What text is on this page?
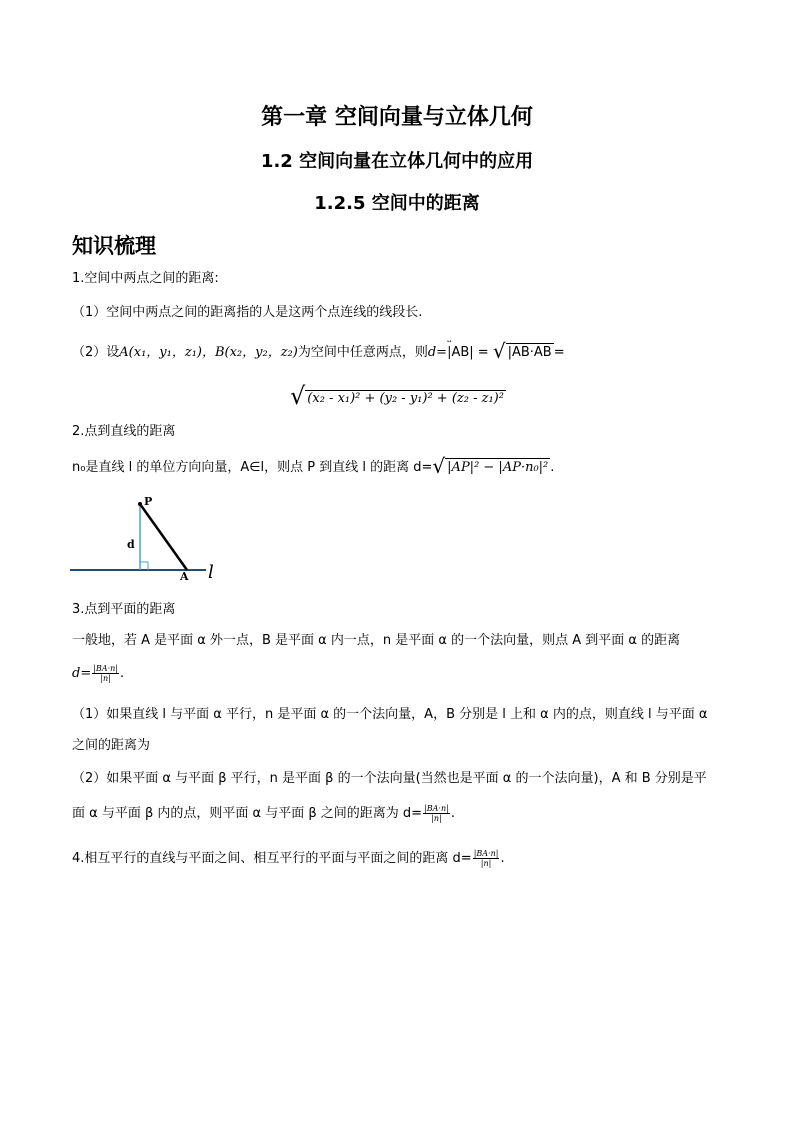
第一章 空间向量与立体几何
1.2 空间向量在立体几何中的应用
1.2.5 空间中的距离
知识梳理
1.空间中两点之间的距离:
（1）空间中两点之间的距离指的人是这两个点连线的线段长.
（2）设A(x₁，y₁，z₁)，B(x₂，y₂，z₂)为空间中任意两点，则d=|
AB| = √ |AB·AB =
√ (x₂ - x₁)² + (y₂ - y₁)² + (z₂ - z₁)²
2.点到直线的距离
n₀是直线 l 的单位方向向量，A∈l，则点 P 到直线 l 的距离 d=√ |AP|² − |AP·n₀|² .
P
d
A l
3.点到平面的距离
一般地，若 A 是平面 α 外一点，B 是平面 α 内一点，n 是平面 α 的一个法向量，则点 A 到平面 α 的距离
$d= \frac{|BA\cdot n|}{|n|}$ .
（1）如果直线 l 与平面 α 平行，n 是平面 α 的一个法向量，A，B 分别是 l 上和 α 内的点，则直线 l 与平面 α
之间的距离为
（2）如果平面 α 与平面 β 平行，n 是平面 β 的一个法向量(当然也是平面 α 的一个法向量)，A 和 B 分别是平
面 α 与平面 β 内的点，则平面 α 与平面 β 之间的距离为 $d= \frac{|BA\cdot n|}{|n|}$ .
4.相互平行的直线与平面之间、相互平行的平面与平面之间的距离 $d= \frac{|BA\cdot n|}{|n|}$ .
